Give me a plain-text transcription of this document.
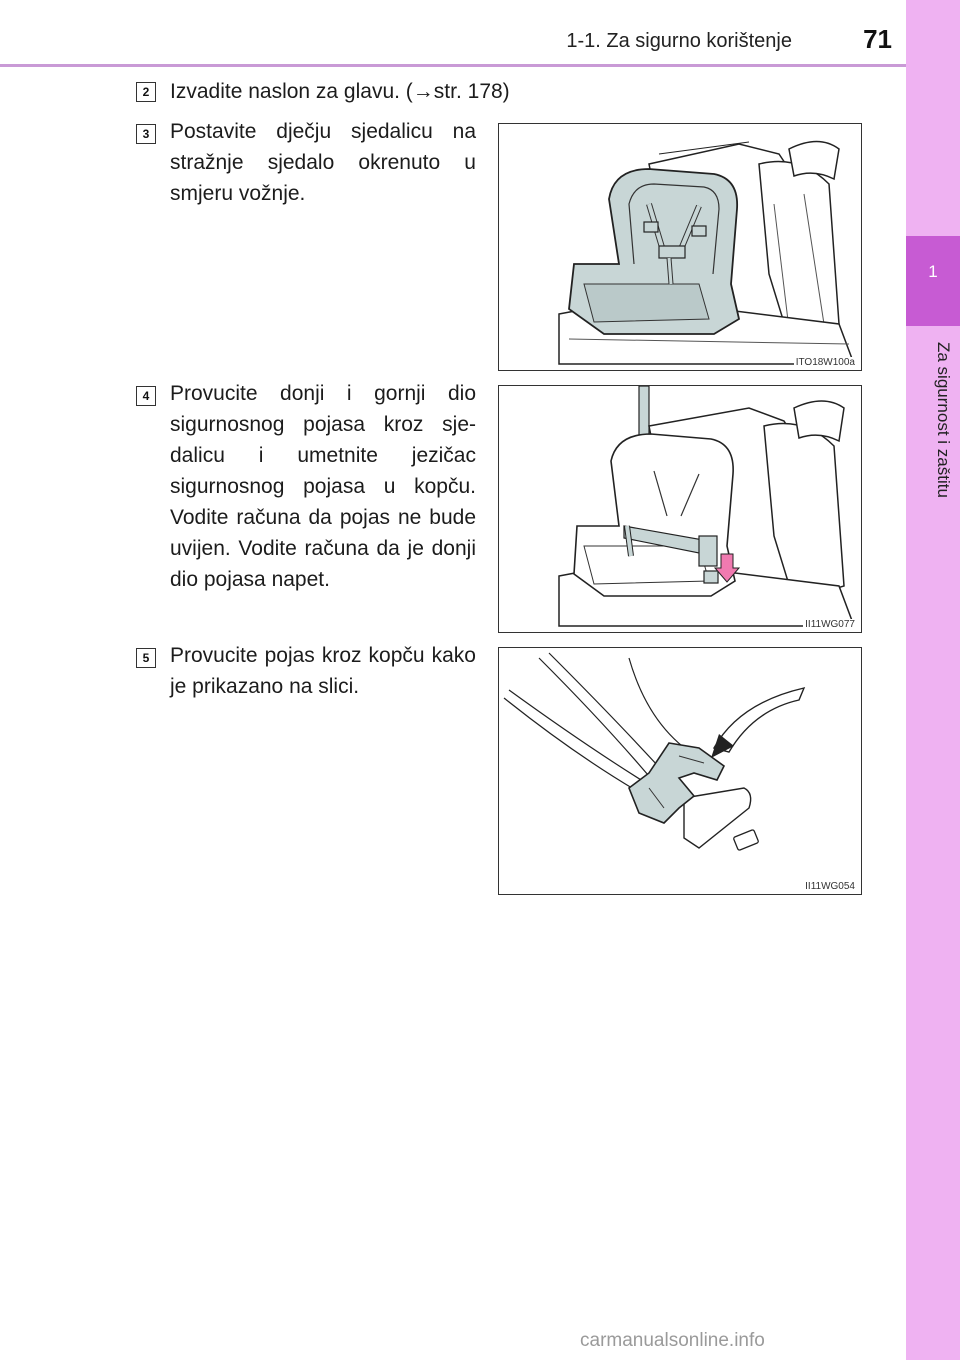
1-1. Za sigurno korištenje	71
1
Za sigurnost i zaštitu
2 Izvadite naslon za glavu. (→str. 178)
3 Postavite dječju sjedalicu na stražnje sjedalo okrenuto u smjeru vožnje.
ITO18W100a
4 Provucite donji i gornji dio sigurnosnog pojasa kroz sje-dalicu i umetnite jezičac sigurnosnog pojasa u kopču. Vodite računa da pojas ne bude uvijen. Vodite računa da je donji dio pojasa napet.
II11WG077
5 Provucite pojas kroz kopču kako je prikazano na slici.
II11WG054
carmanualsonline.info
